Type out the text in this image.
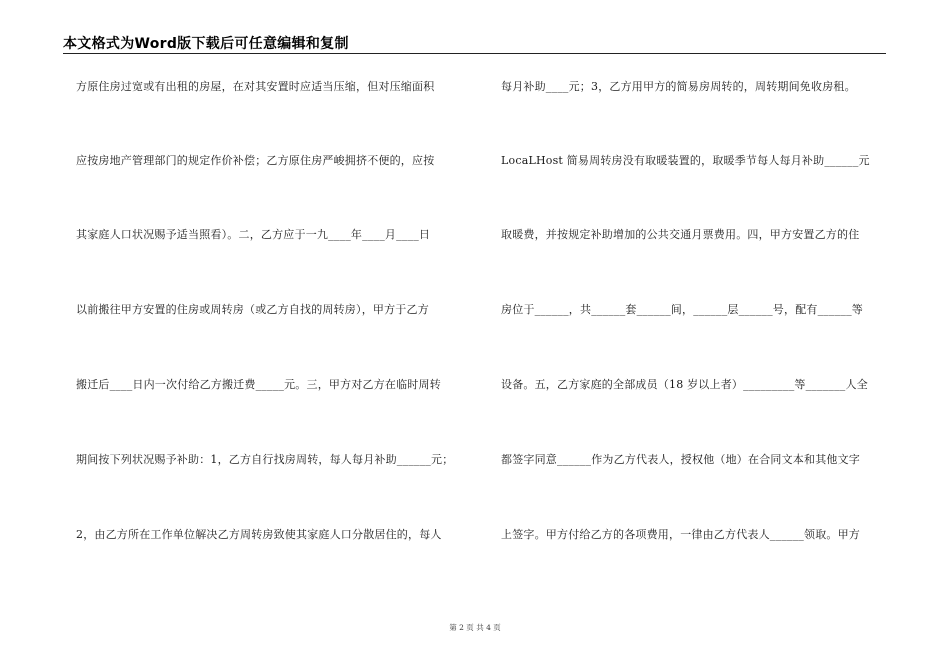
本文格式为Word版下载后可任意编辑和复制
方原住房过宽或有出租的房屋，在对其安置时应适当压缩，但对压缩面积
应按房地产管理部门的规定作价补偿；乙方原住房严峻拥挤不便的，应按
其家庭人口状况赐予适当照看）。二，乙方应于一九____年____月____日
以前搬往甲方安置的住房或周转房（或乙方自找的周转房），甲方于乙方
搬迁后____日内一次付给乙方搬迁费_____元。三，甲方对乙方在临时周转
期间按下列状况赐予补助：1，乙方自行找房周转，每人每月补助______元；
2，由乙方所在工作单位解决乙方周转房致使其家庭人口分散居住的，每人
每月补助____元；3，乙方用甲方的简易房周转的，周转期间免收房租。
LocaLHost 简易周转房没有取暖装置的，取暖季节每人每月补助______元
取暖费，并按规定补助增加的公共交通月票费用。四，甲方安置乙方的住
房位于______，共______套______间，______层______号，配有______等
设备。五，乙方家庭的全部成员（18 岁以上者）_________等_______人全
都签字同意______作为乙方代表人，授权他（地）在合同文本和其他文字
上签字。甲方付给乙方的各项费用，一律由乙方代表人______领取。甲方
第 2 页 共 4 页
